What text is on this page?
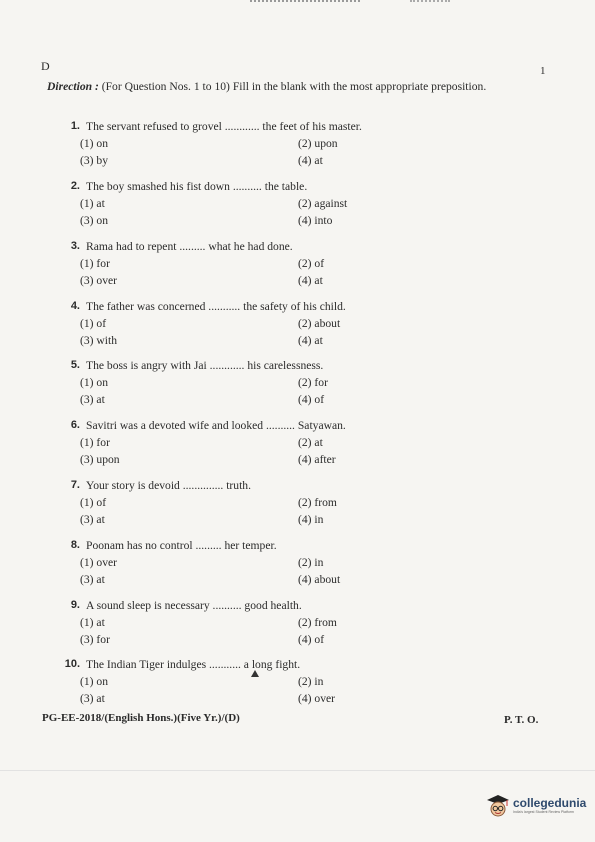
D	1
Direction : (For Question Nos. 1 to 10) Fill in the blank with the most appropriate preposition.
1. The servant refused to grovel ............ the feet of his master.
(1) on	(2) upon
(3) by	(4) at
2. The boy smashed his fist down .......... the table.
(1) at	(2) against
(3) on	(4) into
3. Rama had to repent ......... what he had done.
(1) for	(2) of
(3) over	(4) at
4. The father was concerned ........... the safety of his child.
(1) of	(2) about
(3) with	(4) at
5. The boss is angry with Jai ............ his carelessness.
(1) on	(2) for
(3) at	(4) of
6. Savitri was a devoted wife and looked .......... Satyawan.
(1) for	(2) at
(3) upon	(4) after
7. Your story is devoid .............. truth.
(1) of	(2) from
(3) at	(4) in
8. Poonam has no control ......... her temper.
(1) over	(2) in
(3) at	(4) about
9. A sound sleep is necessary .......... good health.
(1) at	(2) from
(3) for	(4) of
10. The Indian Tiger indulges ........... a long fight.
(1) on	(2) in
(3) at	(4) over
PG-EE-2018/(English Hons.)(Five Yr.)/(D)	P. T. O.
collegedunia
India's largest Student Review Platform
